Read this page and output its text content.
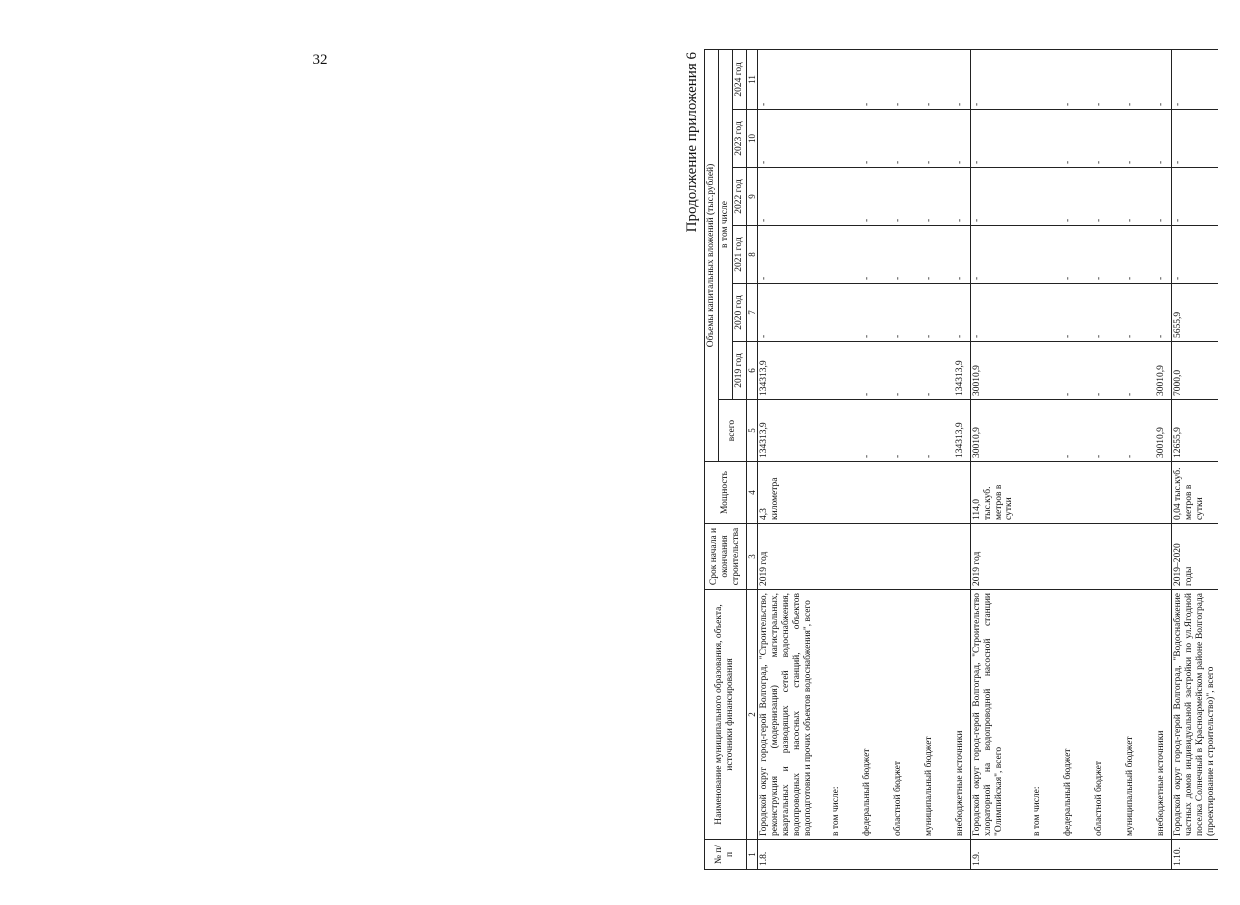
32	Продолжение приложения 6
№ п/п	Наименование муниципального образования, объекта, источники финансирования	Срок начала и окончания строительства	Мощность	Объемы капитальных вложений (тыс.рублей)						
				всего	в том числе					
					2019 год	2020 год	2021 год	2022 год	2023 год	2024 год
1	2	3	4	5	6	7	8	9	10	11
1.8.	Городской округ город-герой Волгоград, "Строительство, реконструкция (модернизация) магистральных, квартальных и разводящих сетей водоснабжения, водопроводных насосных станций, объектов водоподготовки и прочих объектов водоснабжения", всего	2019 год	4,3 километра	134313,9	134313,9	-	-	-	-	-
	в том числе:									
	федеральный бюджет			-	-	-	-	-	-	-
	областной бюджет			-	-	-	-	-	-	-
	муниципальный бюджет			-	-	-	-	-	-	-
	внебюджетные источники			134313,9	134313,9	-	-	-	-	-
1.9.	Городской округ город-герой Волгоград, "Строительство хлораторной на водопроводной насосной станции "Олимпийская", всего	2019 год	114,0 тыс.куб. метров в сутки	30010,9	30010,9	-	-	-	-	-
	в том числе:									
	федеральный бюджет			-	-	-	-	-	-	-
	областной бюджет			-	-	-	-	-	-	-
	муниципальный бюджет			-	-	-	-	-	-	-
	внебюджетные источники			30010,9	30010,9	-	-	-	-	-
1.10.	Городской округ город-герой Волгоград, "Водоснабжение частных домов индивидуальной застройки по ул.Ягодной поселка Солнечный в Красноармейском районе Волгограда (проектирование и строительство)", всего	2019–2020 годы	0,04 тыс.куб. метров в сутки	12655,9	7000,0	5655,9	-	-	-	-
